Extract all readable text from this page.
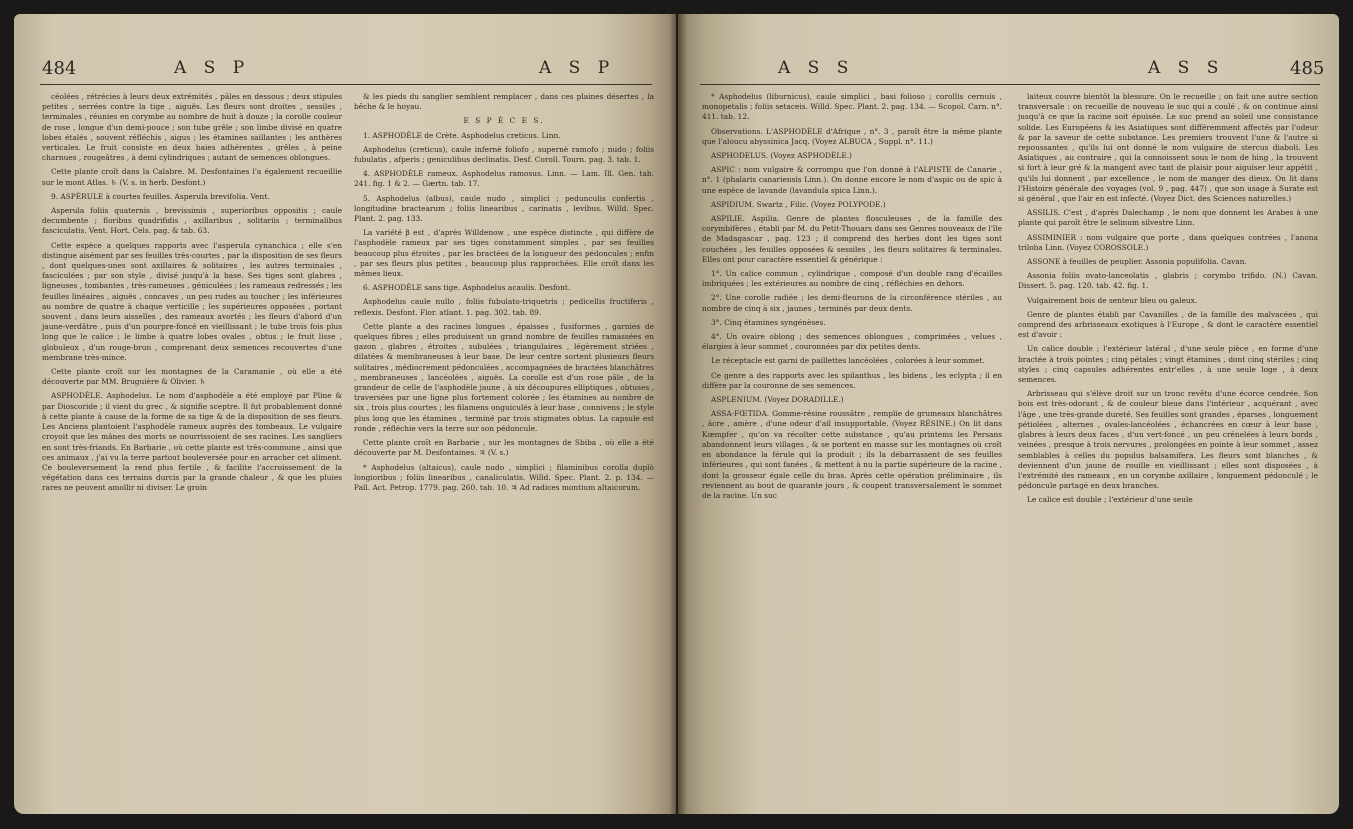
484	A S P	A S P

céolées , rétrécies à leurs deux extrémités , pâles en dessous ; deux stipules petites , serrées contre la tige , aiguës. Les fleurs sont droites , sessiles , terminales , réunies en corymbe au nombre de huit à douze ; la corolle couleur de rose , longue d'un demi-pouce ; son tube grêle ; son limbe divisé en quatre lobes étalés , souvent réfléchis , aigus ; les étamines saillantes ; les anthères verticales. Le fruit consiste en deux baies adhérentes , grêles , à peine charnues , rougeâtres , à demi cylindriques ; autant de semences oblongues.

Cette plante croît dans la Calabre. M. Desfontaines l'a également recueillie sur le mont Atlas. ♄ (V. s. in herb. Desfont.)

9. ASPÉRULE à courtes feuilles. Asperula brevifolia. Vent.

Asperula foliis quaternis , brevissimis , superioribus oppositis ; caule decumbente ; floribus quadrifidis , axillaribus , solitariis ; terminalibus fasciculatis. Vent. Hort. Cels. pag. & tab. 63.

Cette espèce a quelques rapports avec l'asperula cynanchica ; elle s'en distingue aisément par ses feuilles très-courtes , par la disposition de ses fleurs , dont quelques-unes sont axillaires & solitaires , les autres terminales , fasciculées ; par son style , divisé jusqu'à la base. Ses tiges sont glabres , ligneuses , tombantes , très-rameuses , géniculées ; les rameaux redressés ; les feuilles linéaires , aiguës , concaves , un peu rudes au toucher ; les inférieures au nombre de quatre à chaque verticille ; les supérieures opposées , portant souvent , dans leurs aisselles , des rameaux avortés ; les fleurs d'abord d'un jaune-verdâtre , puis d'un pourpre-foncé en vieillissant ; le tube trois fois plus long que le calice ; le limbe à quatre lobes ovales , obtus ; le fruit lisse , globuleux , d'un rouge-brun , comprenant deux semences recouvertes d'une membrane très-mince.

Cette plante croît sur les montagnes de la Caramanie , où elle a été découverte par MM. Bruguière & Olivier. ♄

ASPHODÈLE. Asphodelus. Le nom d'asphodèle a été employé par Pline & par Dioscoride ; il vient du grec , & signifie sceptre. Il fut probablement donné à cette plante à cause de la forme de sa tige & de la disposition de ses fleurs. Les Anciens plantoient l'asphodèle rameux auprès des tombeaux. Le vulgaire croyoit que les mânes des morts se nourrissoient de ses racines. Les sangliers en sont très-friands. En Barbarie , où cette plante est très-commune , ainsi que ces animaux , j'ai vu la terre partout bouleversée pour en arracher cet aliment. Ce bouleversement la rend plus fertile , & facilite l'accroissement de la végétation dans ces terrains durcis par la grande chaleur , & que les pluies rares ne peuvent amollir ni diviser. Le groin

& les pieds du sanglier semblent remplacer , dans ces plaines désertes , la bêche & le hoyau.

E S P È C E S.

1. ASPHODÈLE de Crète. Asphodelus creticus. Linn.

Asphodelus (creticus), caule infernè foliofo , supernè ramofo ; nudo ; foliis fubulatis , afperis ; geniculibus declinatis. Desf. Coroll. Tourn. pag. 3. tab. 1.

4. ASPHODÈLE rameux. Asphodelus ramosus. Linn. — Lam. Ill. Gen. tab. 241. fig. 1 & 2. — Gærtn. tab. 17.

5. Asphodelus (albus), caule nudo , simplici ; pedunculis confertis , longitudine bractearum ; foliis linearibus , carinatis , levibus. Willd. Spec. Plant. 2. pag. 133.

La variété β est , d'après Willdenow , une espèce distincte , qui diffère de l'asphodèle rameux par ses tiges constamment simples , par ses feuilles beaucoup plus étroites , par les bractées de la longueur des pédoncules ; enfin , par ses fleurs plus petites , beaucoup plus rapprochées. Elle croît dans les mêmes lieux.

6. ASPHODÈLE sans tige. Asphodelus acaulis. Desfont.

Asphodelus caule nullo , foliis fubulato-triquetris ; pedicellis fructiferis , reflexis. Desfont. Flor. atlant. 1. pag. 302. tab. 89.

Cette plante a des racines longues , épaisses , fusiformes , garnies de quelques fibres ; elles produisent un grand nombre de feuilles ramassées en gazon , glabres , étroites , subulées , triangulaires , légèrement striées , dilatées & membraneuses à leur base. De leur centre sortent plusieurs fleurs solitaires , médiocrement pédonculées , accompagnées de bractées blanchâtres , membraneuses , lancéolées , aiguës. La corolle est d'un rose pâle , de la grandeur de celle de l'asphodèle jaune , à six découpures elliptiques , obtuses , traversées par une ligne plus fortement colorée ; les étamines au nombre de six , trois plus courtes ; les filamens onguiculés à leur base , connivens ; le style plus long que les étamines , terminé par trois stigmates obtus. La capsule est ronde , réfléchie vers la terre sur son pédoncule.

Cette plante croît en Barbarie , sur les montagnes de Sbiba , où elle a été découverte par M. Desfontaines. ♃ (V. s.)

* Asphodelus (altaicus), caule nudo , simplici ; filaminibus corolla duplò longioribus ; foliis linearibus , canaliculatis. Willd. Spec. Plant. 2. p. 134. — Pall. Act. Petrop. 1779. pag. 260. tab. 10. ♃ Ad radices montium altaicorum.

A S S	A S S	485

* Asphodelus (liburnicus), caule simplici , basi folioso ; corollis cernuis , monopetalis ; foliis setaceis. Willd. Spec. Plant. 2. pag. 134. — Scopol. Carn. n°. 411. tab. 12.

Observations. L'ASPHODÈLE d'Afrique , n°. 3 , paroît être la même plante que l'aloucu abyssinica Jacq. (Voyez ALBUCA , Suppl. n°. 11.)

ASPHODELUS. (Voyez ASPHODÈLE.)

ASPIC : nom vulgaire & corrompu que l'on donné à l'ALPISTE de Canarie , n°. 1 (phalaris canariensis Linn.). On donne encore le nom d'aspic ou de spic à une espèce de lavande (lavandula spica Linn.).

ASPIDIUM. Swartz , Filic. (Voyez POLYPODE.)

ASPILIE. Aspilia. Genre de plantes flosculeuses , de la famille des corymbifères , établi par M. du Petit-Thouars dans ses Genres nouveaux de l'île de Madagascar , pag. 123 ; il comprend des herbes dont les tiges sont couchées , les feuilles opposées & sessiles , les fleurs solitaires & terminales. Elles ont pour caractère essentiel & générique :

1°. Un calice commun , cylindrique , composé d'un double rang d'écailles imbriquées ; les extérieures au nombre de cinq , réfléchies en dehors.

2°. Une corolle radiée ; les demi-fleurons de la circonférence stériles , au nombre de cinq à six , jaunes , terminés par deux dents.

3°. Cinq étamines syngénèses.

4°. Un ovaire oblong ; des semences oblongues , comprimées , velues , élargies à leur sommet , couronnées par dix petites dents.

Le réceptacle est garni de paillettes lancéolées , colorées à leur sommet.

Ce genre a des rapports avec les spilanthus , les bidens , les eclypta ; il en diffère par la couronne de ses semences.

ASPLENIUM. (Voyez DORADILLE.)

ASSA-FŒTIDA. Gomme-résine roussâtre , remplie de grumeaux blanchâtres , âcre , amère , d'une odeur d'ail insupportable. (Voyez RÉSINE.) On lit dans Kœmpfer , qu'on va récolter cette substance , qu'au printems les Persans abandonnent leurs villages , & se portent en masse sur les montagnes où croît en abondance la férule qui la produit ; ils la débarrassent de ses feuilles inférieures , qui sont fanées , & mettent à nu la partie supérieure de la racine , dont la grosseur égale celle du bras. Après cette opération préliminaire , ils reviennent au bout de quarante jours , & coupent transversalement le sommet de la racine. Un suc

laiteux couvre bientôt la blessure. On le recueille ; on fait une autre section transversale : on recueille de nouveau le suc qui a coulé , & on continue ainsi jusqu'à ce que la racine soit épuisée. Le suc prend au soleil une consistance solide. Les Européens & les Asiatiques sont différemment affectés par l'odeur & par la saveur de cette substance. Les premiers trouvent l'une & l'autre si repoussantes , qu'ils lui ont donné le nom vulgaire de stercus diaboli. Les Asiatiques , au contraire , qui la connoissent sous le nom de hing , la trouvent si fort à leur gré & la mangent avec tant de plaisir pour aiguiser leur appétit , qu'ils lui donnent , par excellence , le nom de manger des dieux. On lit dans l'Histoire générale des voyages (vol. 9 , pag. 447) , que son usage à Surate est si général , que l'air en est infecté. (Voyez Dict. des Sciences naturelles.)

ASSILIS. C'est , d'après Dalechamp , le nom que donnent les Arabes à une plante qui paroît être le selinum silvestre Linn.

ASSIMINIER : nom vulgaire que porte , dans quelques contrées , l'anona triloba Linn. (Voyez COROSSOLE.)

ASSONE à feuilles de peuplier. Assonia populifolia. Cavan.

Assonia foliis ovato-lanceolatis , glabris ; corymbo trifido. (N.) Cavan. Dissert. 5. pag. 120. tab. 42. fig. 1.

Vulgairement bois de senteur bleu ou galeux.

Genre de plantes établi par Cavanilles , de la famille des malvacées , qui comprend des arbrisseaux exotiques à l'Europe , & dont le caractère essentiel est d'avoir :

Un calice double ; l'extérieur latéral , d'une seule pièce , en forme d'une bractée à trois pointes ; cinq pétales ; vingt étamines , dont cinq stériles ; cinq styles ; cinq capsules adhérentes entr'elles , à une seule loge , à deux semences.

Arbrisseau qui s'élève droit sur un tronc revêtu d'une écorce cendrée. Son bois est très-odorant , & de couleur bleue dans l'intérieur , acquérant , avec l'âge , une très-grande dureté. Ses feuilles sont grandes , éparses , longuement pétiolées , alternes , ovales-lancéolées , échancrées en cœur à leur base , glabres à leurs deux faces , d'un vert-foncé , un peu crénelées à leurs bords , veinées , presque à trois nervures , prolongées en pointe à leur sommet , assez semblables à celles du populus balsamifera. Les fleurs sont blanches , & deviennent d'un jaune de rouille en vieillissant ; elles sont disposées , à l'extrémité des rameaux , en un corymbe axillaire , longuement pédonculé ; le pédoncule partagé en deux branches.

Le calice est double ; l'extérieur d'une seule
